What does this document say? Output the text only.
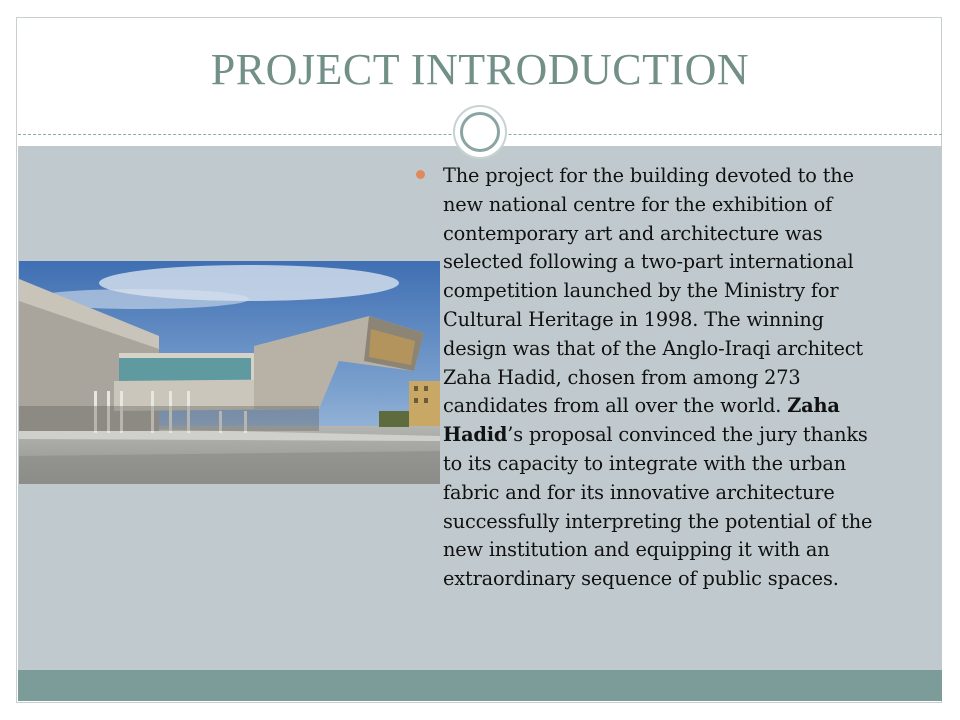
PROJECT INTRODUCTION
The project for the building devoted to the new national centre for the exhibition of contemporary art and architecture was selected following a two-part international competition launched by the Ministry for Cultural Heritage in 1998. The winning design was that of the Anglo-Iraqi architect Zaha Hadid, chosen from among 273 candidates from all over the world. Zaha Hadid’s proposal convinced the jury thanks to its capacity to integrate with the urban fabric and for its innovative architecture successfully interpreting the potential of the new institution and equipping it with an extraordinary sequence of public spaces.
